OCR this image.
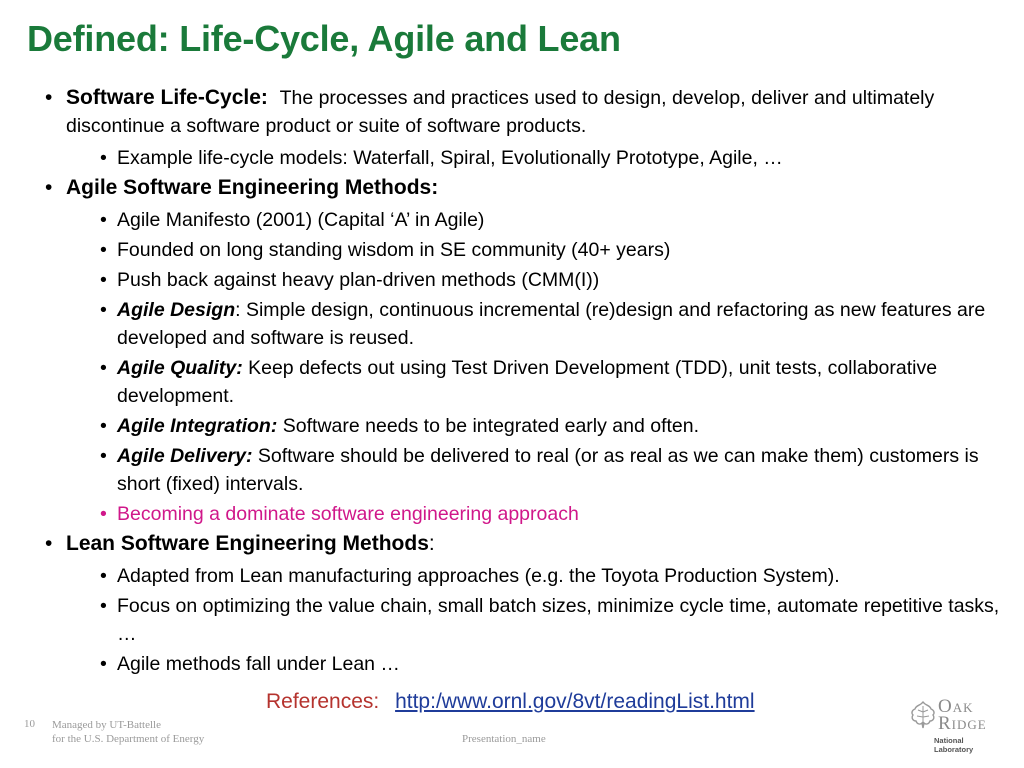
Defined: Life-Cycle, Agile and Lean
• Software Life-Cycle: The processes and practices used to design, develop, deliver and ultimately discontinue a software product or suite of software products.
• Example life-cycle models: Waterfall, Spiral, Evolutionally Prototype, Agile, …
• Agile Software Engineering Methods:
• Agile Manifesto (2001) (Capital ‘A’ in Agile)
• Founded on long standing wisdom in SE community (40+ years)
• Push back against heavy plan-driven methods (CMM(I))
• Agile Design: Simple design, continuous incremental (re)design and refactoring as new features are developed and software is reused.
• Agile Quality: Keep defects out using Test Driven Development (TDD), unit tests, collaborative development.
• Agile Integration: Software needs to be integrated early and often.
• Agile Delivery: Software should be delivered to real (or as real as we can make them) customers is short (fixed) intervals.
• Becoming a dominate software engineering approach
• Lean Software Engineering Methods:
• Adapted from Lean manufacturing approaches (e.g. the Toyota Production System).
• Focus on optimizing the value chain, small batch sizes, minimize cycle time, automate repetitive tasks, …
• Agile methods fall under Lean …
References: http:/www.ornl.gov/8vt/readingList.html
10 Managed by UT-Battelle
for the U.S. Department of Energy	Presentation_name
Oak
Ridge
National Laboratory
